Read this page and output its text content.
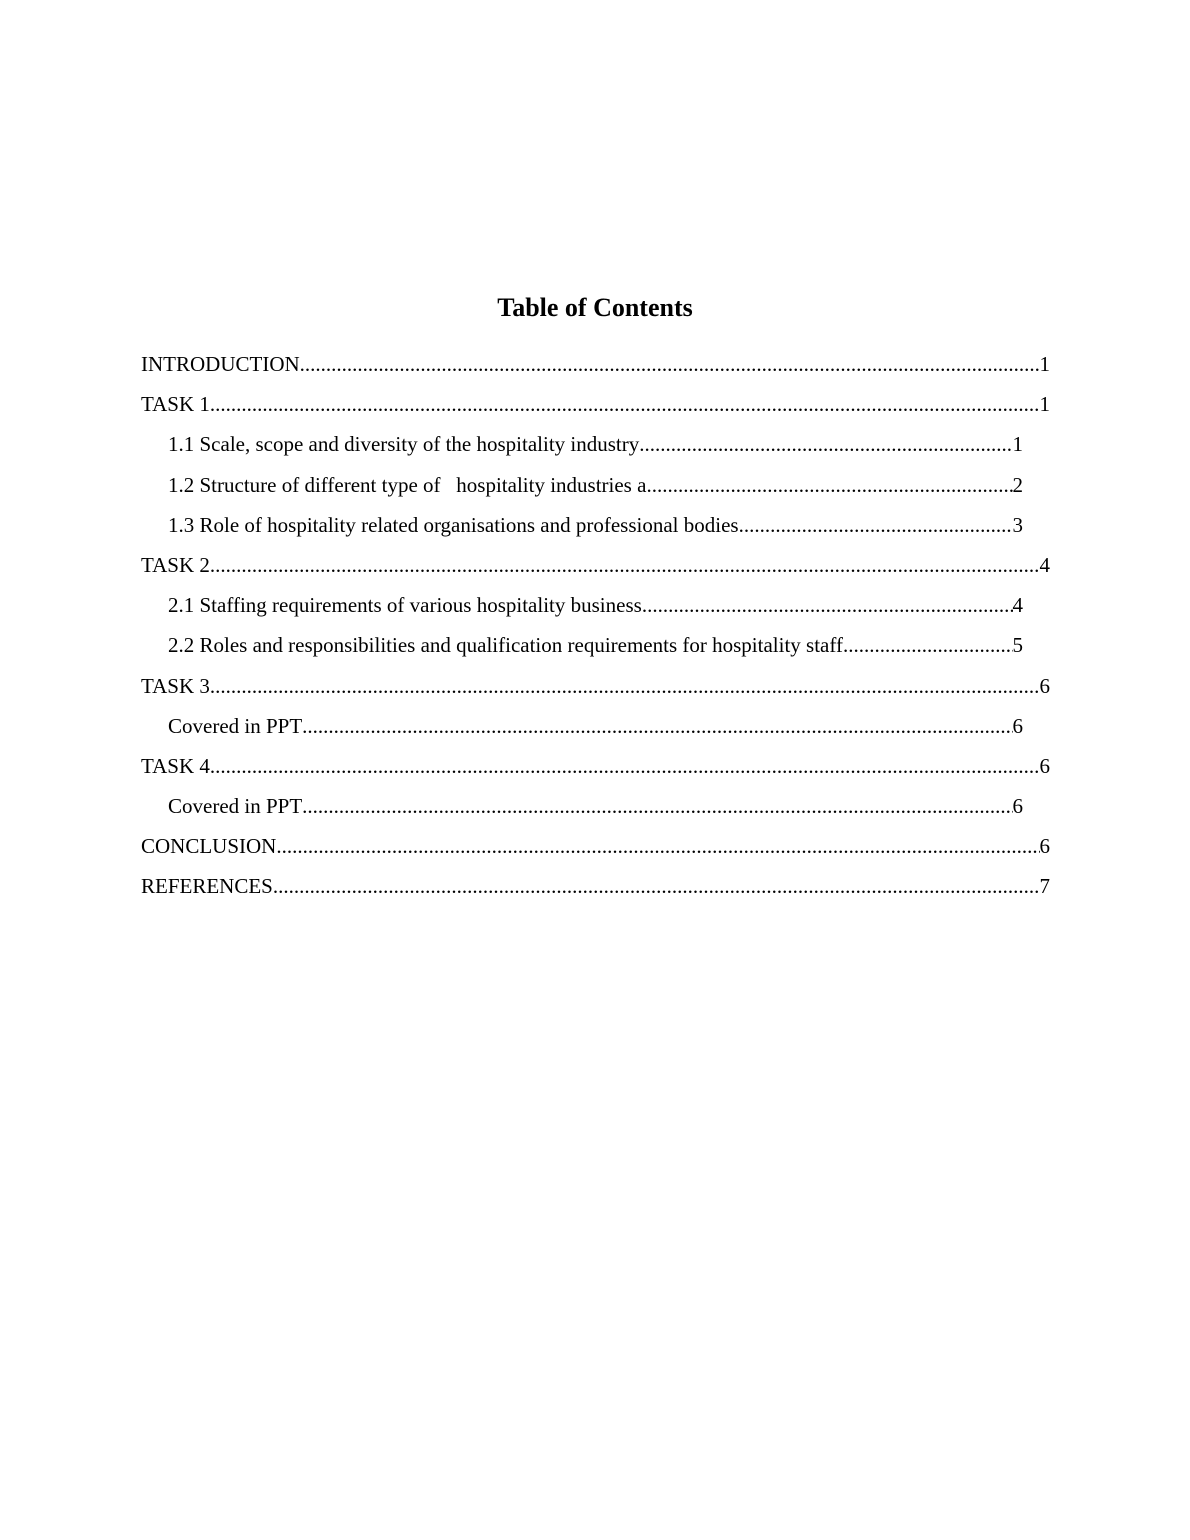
Table of Contents
INTRODUCTION .....	1
TASK 1 .....	1
1.1 Scale, scope and diversity of the hospitality industry .....	1
1.2 Structure of different type of   hospitality industries a .....	2
1.3 Role of hospitality related organisations and professional bodies .....	3
TASK 2 .....	4
2.1 Staffing requirements of various hospitality business .....	4
2.2 Roles and responsibilities and qualification requirements for hospitality staff .....	5
TASK 3 .....	6
Covered in PPT .....	6
TASK 4 .....	6
Covered in PPT .....	6
CONCLUSION .....	6
REFERENCES .....	7
